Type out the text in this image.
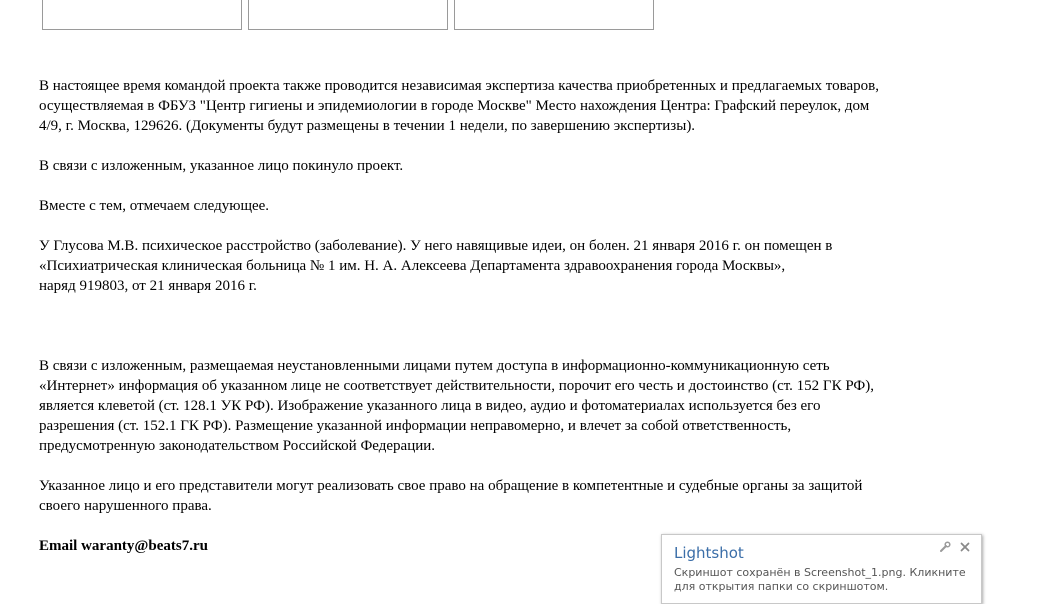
В настоящее время командой проекта также проводится независимая экспертиза качества приобретенных и предлагаемых товаров,
осуществляемая в ФБУЗ "Центр гигиены и эпидемиологии в городе Москве" Место нахождения Центра: Графский переулок, дом
4/9, г. Москва, 129626. (Документы будут размещены в течении 1 недели, по завершению экспертизы).

В связи с изложенным, указанное лицо покинуло проект.

Вместе с тем, отмечаем следующее.

У Глусова М.В. психическое расстройство (заболевание). У него навящивые идеи, он болен. 21 января 2016 г. он помещен в
«Психиатрическая клиническая больница № 1 им. Н. А. Алексеева Департамента здравоохранения города Москвы»,
наряд 919803, от 21 января 2016 г.

В связи с изложенным, размещаемая неустановленными лицами путем доступа в информационно-коммуникационную сеть
«Интернет» информация об указанном лице не соответствует действительности, порочит его честь и достоинство (ст. 152 ГК РФ),
является клеветой (ст. 128.1 УК РФ). Изображение указанного лица в видео, аудио и фотоматериалах используется без его
разрешения (ст. 152.1 ГК РФ). Размещение указанной информации неправомерно, и влечет за собой ответственность,
предусмотренную законодательством Российской Федерации.

Указанное лицо и его представители могут реализовать свое право на обращение в компетентные и судебные органы за защитой
своего нарушенного права.

Email waranty@beats7.ru	Lightshot
Скриншот сохранён в Screenshot_1.png. Кликните для открытия папки со скриншотом.
